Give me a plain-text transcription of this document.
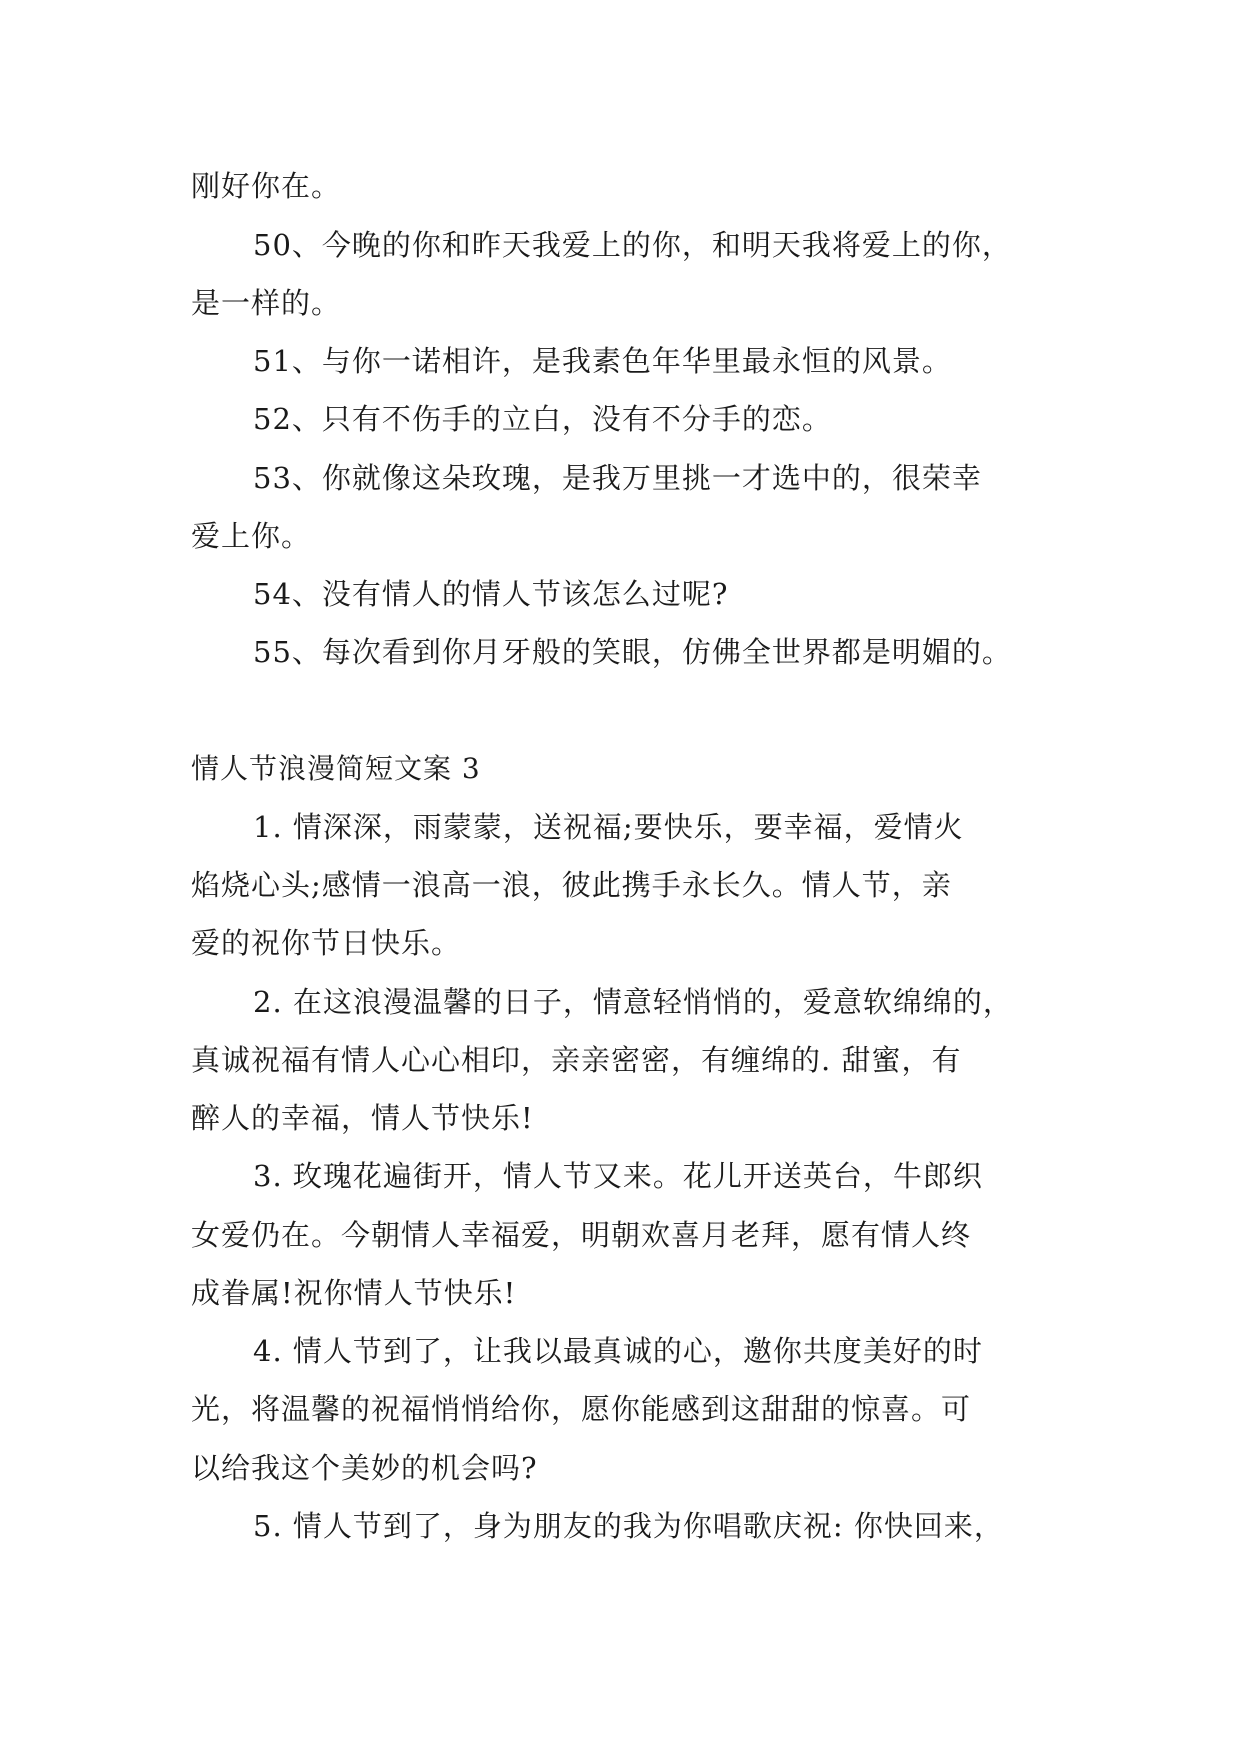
刚好你在。
50、今晚的你和昨天我爱上的你，和明天我将爱上的你，
是一样的。
51、与你一诺相许，是我素色年华里最永恒的风景。
52、只有不伤手的立白，没有不分手的恋。
53、你就像这朵玫瑰，是我万里挑一才选中的，很荣幸
爱上你。
54、没有情人的情人节该怎么过呢?
55、每次看到你月牙般的笑眼，仿佛全世界都是明媚的。
情人节浪漫简短文案 3
1. 情深深，雨蒙蒙，送祝福;要快乐，要幸福，爱情火
焰烧心头;感情一浪高一浪，彼此携手永长久。情人节，亲
爱的祝你节日快乐。
2. 在这浪漫温馨的日子，情意轻悄悄的，爱意软绵绵的，
真诚祝福有情人心心相印，亲亲密密，有缠绵的. 甜蜜，有
醉人的幸福，情人节快乐!
3. 玫瑰花遍街开，情人节又来。花儿开送英台，牛郎织
女爱仍在。今朝情人幸福爱，明朝欢喜月老拜，愿有情人终
成眷属!祝你情人节快乐!
4. 情人节到了，让我以最真诚的心，邀你共度美好的时
光，将温馨的祝福悄悄给你，愿你能感到这甜甜的惊喜。可
以给我这个美妙的机会吗?
5. 情人节到了，身为朋友的我为你唱歌庆祝: 你快回来，
